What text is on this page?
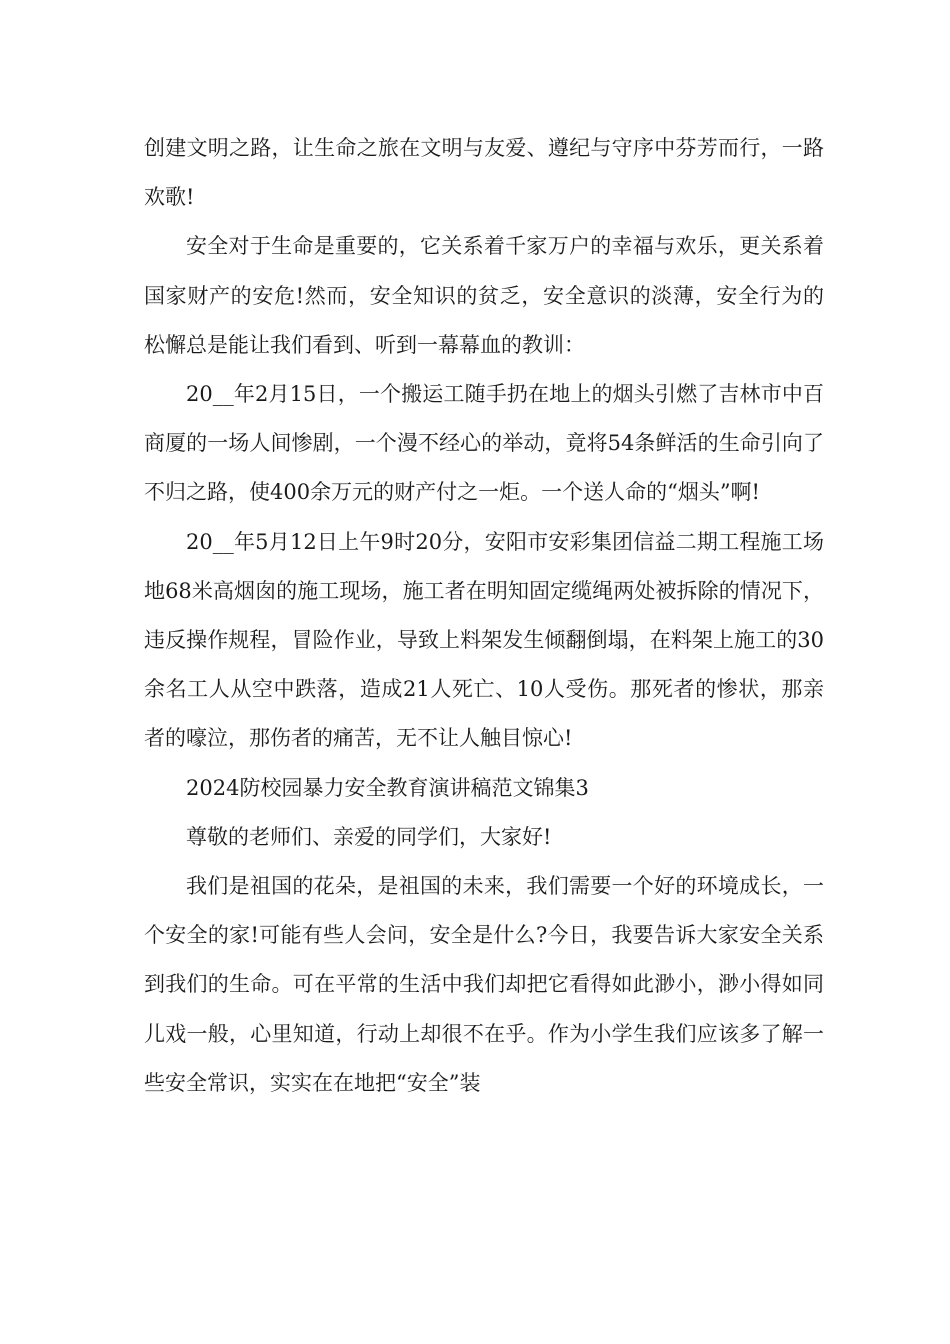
创建文明之路，让生命之旅在文明与友爱、遵纪与守序中芬芳而行，一路欢歌!

安全对于生命是重要的，它关系着千家万户的幸福与欢乐，更关系着国家财产的安危!然而，安全知识的贫乏，安全意识的淡薄，安全行为的松懈总是能让我们看到、听到一幕幕血的教训：

20__年2月15日，一个搬运工随手扔在地上的烟头引燃了吉林市中百商厦的一场人间惨剧，一个漫不经心的举动，竟将54条鲜活的生命引向了不归之路，使400余万元的财产付之一炬。一个送人命的“烟头”啊!

20__年5月12日上午9时20分，安阳市安彩集团信益二期工程施工场地68米高烟囱的施工现场，施工者在明知固定缆绳两处被拆除的情况下，违反操作规程，冒险作业，导致上料架发生倾翻倒塌，在料架上施工的30余名工人从空中跌落，造成21人死亡、10人受伤。那死者的惨状，那亲者的嚎泣，那伤者的痛苦，无不让人触目惊心!

2024防校园暴力安全教育演讲稿范文锦集3

尊敬的老师们、亲爱的同学们，大家好!

我们是祖国的花朵，是祖国的未来，我们需要一个好的环境成长，一个安全的家!可能有些人会问，安全是什么?今日，我要告诉大家安全关系到我们的生命。可在平常的生活中我们却把它看得如此渺小，渺小得如同儿戏一般，心里知道，行动上却很不在乎。作为小学生我们应该多了解一些安全常识，实实在在地把“安全”装
